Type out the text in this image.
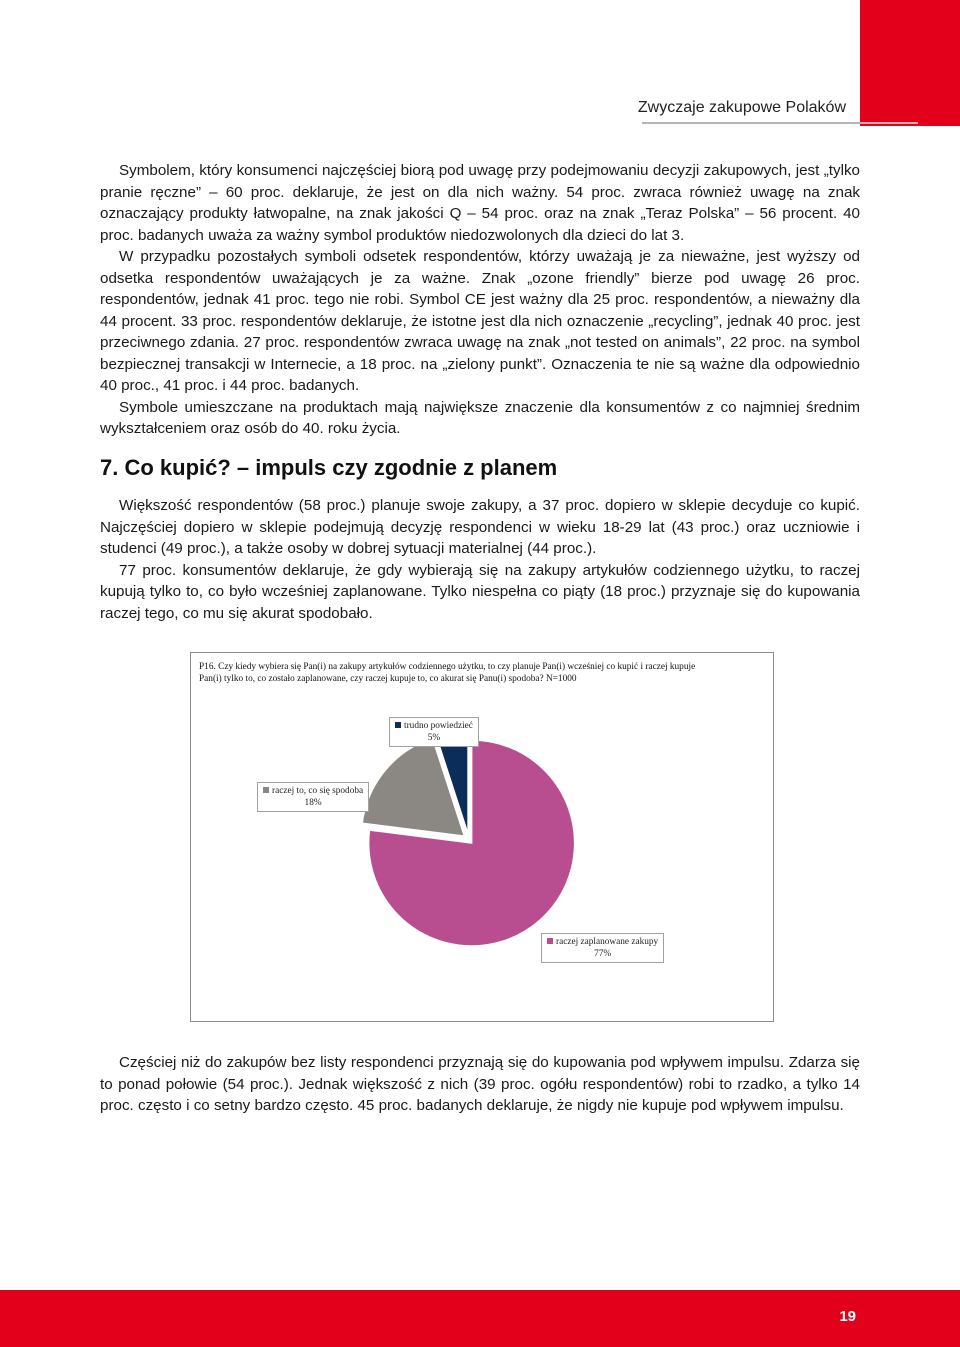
Zwyczaje zakupowe Polaków

Symbolem, który konsumenci najczęściej biorą pod uwagę przy podejmowaniu decyzji zakupowych, jest „tylko pranie ręczne” – 60 proc. deklaruje, że jest on dla nich ważny. 54 proc. zwraca również uwagę na znak oznaczający produkty łatwopalne, na znak jakości Q – 54 proc. oraz na znak „Teraz Polska” – 56 procent. 40 proc. badanych uważa za ważny symbol produktów niedozwolonych dla dzieci do lat 3.

W przypadku pozostałych symboli odsetek respondentów, którzy uważają je za nieważne, jest wyższy od odsetka respondentów uważających je za ważne. Znak „ozone friendly” bierze pod uwagę 26 proc. respondentów, jednak 41 proc. tego nie robi. Symbol CE jest ważny dla 25 proc. respondentów, a nieważny dla 44 procent. 33 proc. respondentów deklaruje, że istotne jest dla nich oznaczenie „recycling”, jednak 40 proc. jest przeciwnego zdania. 27 proc. respondentów zwraca uwagę na znak „not tested on animals”, 22 proc. na symbol bezpiecznej transakcji w Internecie, a 18 proc. na „zielony punkt”. Oznaczenia te nie są ważne dla odpowiednio 40 proc., 41 proc. i 44 proc. badanych.

Symbole umieszczane na produktach mają największe znaczenie dla konsumentów z co najmniej średnim wykształceniem oraz osób do 40. roku życia.

7. Co kupić? – impuls czy zgodnie z planem

Większość respondentów (58 proc.) planuje swoje zakupy, a 37 proc. dopiero w sklepie decyduje co kupić. Najczęściej dopiero w sklepie podejmują decyzję respondenci w wieku 18-29 lat (43 proc.) oraz uczniowie i studenci (49 proc.), a także osoby w dobrej sytuacji materialnej (44 proc.).

77 proc. konsumentów deklaruje, że gdy wybierają się na zakupy artykułów codziennego użytku, to raczej kupują tylko to, co było wcześniej zaplanowane. Tylko niespełna co piąty (18 proc.) przyznaje się do kupowania raczej tego, co mu się akurat spodobało.

P16. Czy kiedy wybiera się Pan(i) na zakupy artykułów codziennego użytku, to czy planuje Pan(i) wcześniej co kupić i raczej kupuje Pan(i) tylko to, co zostało zaplanowane, czy raczej kupuje to, co akurat się Panu(i) spodoba? N=1000

trudno powiedzieć
5%
raczej to, co się spodoba
18%
raczej zaplanowane zakupy
77%

Częściej niż do zakupów bez listy respondenci przyznają się do kupowania pod wpływem impulsu. Zdarza się to ponad połowie (54 proc.). Jednak większość z nich (39 proc. ogółu respondentów) robi to rzadko, a tylko 14 proc. często i co setny bardzo często. 45 proc. badanych deklaruje, że nigdy nie kupuje pod wpływem impulsu.

19
